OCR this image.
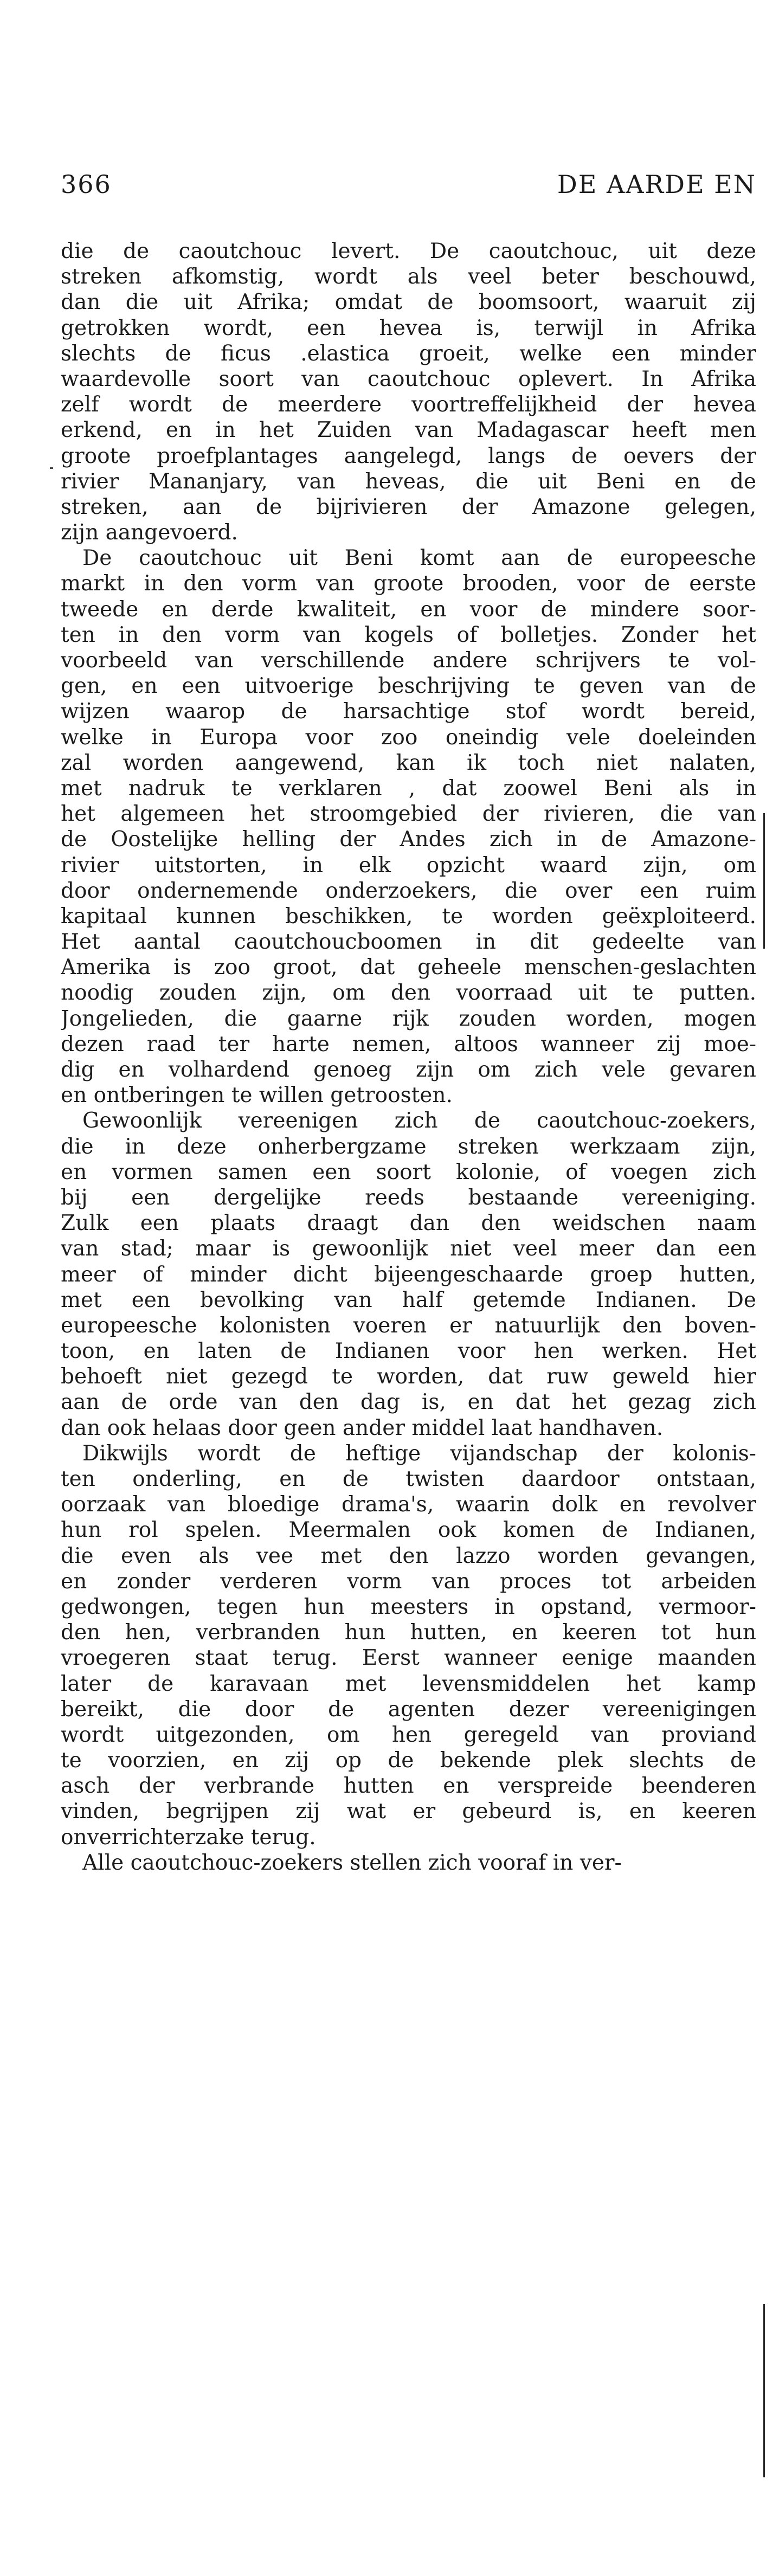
366	DE AARDE EN
die de caoutchouc levert. De caoutchouc, uit deze
streken afkomstig, wordt als veel beter beschouwd,
dan die uit Afrika; omdat de boomsoort, waaruit zij
getrokken wordt, een hevea is, terwijl in Afrika
slechts de ficus .elastica groeit, welke een minder
waardevolle soort van caoutchouc oplevert. In Afrika
zelf wordt de meerdere voortreffelijkheid der hevea
erkend, en in het Zuiden van Madagascar heeft men
groote proefplantages aangelegd, langs de oevers der
rivier Mananjary, van heveas, die uit Beni en de
streken, aan de bijrivieren der Amazone gelegen,
zijn aangevoerd.
De caoutchouc uit Beni komt aan de europeesche
markt in den vorm van groote brooden, voor de eerste
tweede en derde kwaliteit, en voor de mindere soor-
ten in den vorm van kogels of bolletjes. Zonder het
voorbeeld van verschillende andere schrijvers te vol-
gen, en een uitvoerige beschrijving te geven van de
wijzen waarop de harsachtige stof wordt bereid,
welke in Europa voor zoo oneindig vele doeleinden
zal worden aangewend, kan ik toch niet nalaten,
met nadruk te verklaren , dat zoowel Beni als in
het algemeen het stroomgebied der rivieren, die van
de Oostelijke helling der Andes zich in de Amazone-
rivier uitstorten, in elk opzicht waard zijn, om
door ondernemende onderzoekers, die over een ruim
kapitaal kunnen beschikken, te worden geëxploiteerd.
Het aantal caoutchoucboomen in dit gedeelte van
Amerika is zoo groot, dat geheele menschen-geslachten
noodig zouden zijn, om den voorraad uit te putten.
Jongelieden, die gaarne rijk zouden worden, mogen
dezen raad ter harte nemen, altoos wanneer zij moe-
dig en volhardend genoeg zijn om zich vele gevaren
en ontberingen te willen getroosten.
Gewoonlijk vereenigen zich de caoutchouc-zoekers,
die in deze onherbergzame streken werkzaam zijn,
en vormen samen een soort kolonie, of voegen zich
bij een dergelijke reeds bestaande vereeniging.
Zulk een plaats draagt dan den weidschen naam
van stad; maar is gewoonlijk niet veel meer dan een
meer of minder dicht bijeengeschaarde groep hutten,
met een bevolking van half getemde Indianen. De
europeesche kolonisten voeren er natuurlijk den boven-
toon, en laten de Indianen voor hen werken. Het
behoeft niet gezegd te worden, dat ruw geweld hier
aan de orde van den dag is, en dat het gezag zich
dan ook helaas door geen ander middel laat handhaven.
Dikwijls wordt de heftige vijandschap der kolonis-
ten onderling, en de twisten daardoor ontstaan,
oorzaak van bloedige drama's, waarin dolk en revolver
hun rol spelen. Meermalen ook komen de Indianen,
die even als vee met den lazzo worden gevangen,
en zonder verderen vorm van proces tot arbeiden
gedwongen, tegen hun meesters in opstand, vermoor-
den hen, verbranden hun hutten, en keeren tot hun
vroegeren staat terug. Eerst wanneer eenige maanden
later de karavaan met levensmiddelen het kamp
bereikt, die door de agenten dezer vereenigingen
wordt uitgezonden, om hen geregeld van proviand
te voorzien, en zij op de bekende plek slechts de
asch der verbrande hutten en verspreide beenderen
vinden, begrijpen zij wat er gebeurd is, en keeren
onverrichterzake terug.
Alle caoutchouc-zoekers stellen zich vooraf in ver-
